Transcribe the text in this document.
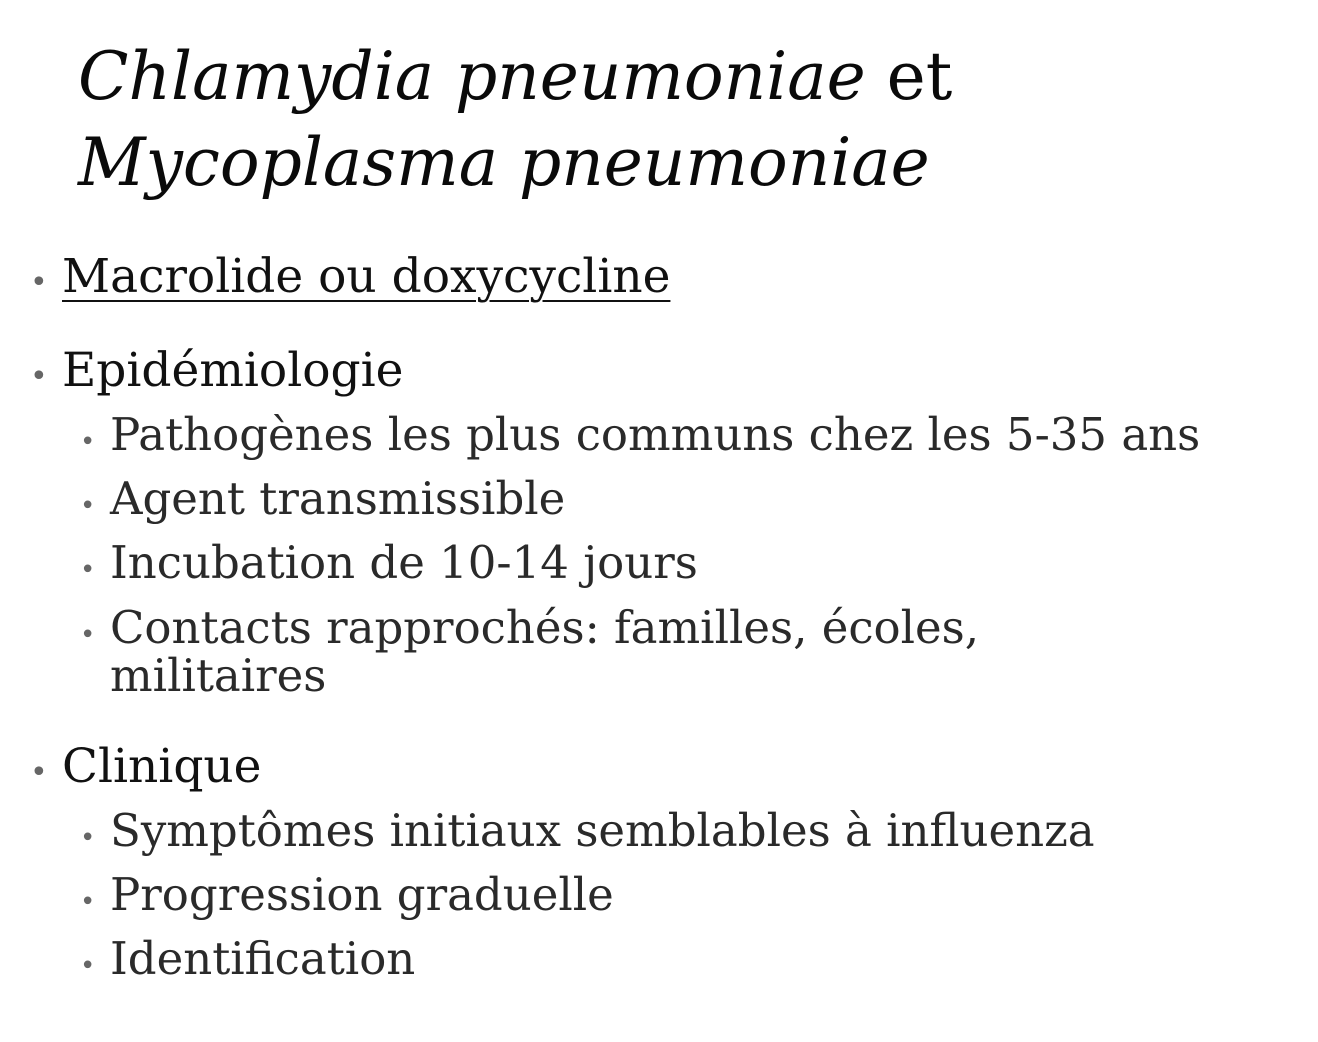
Chlamydia pneumoniae et
Mycoplasma pneumoniae
• Macrolide ou doxycycline
• Epidémiologie
• Pathogènes les plus communs chez les 5-35 ans
• Agent transmissible
• Incubation de 10-14 jours
• Contacts rapprochés: familles, écoles, militaires
• Clinique
• Symptômes initiaux semblables à influenza
• Progression graduelle
• Identification
